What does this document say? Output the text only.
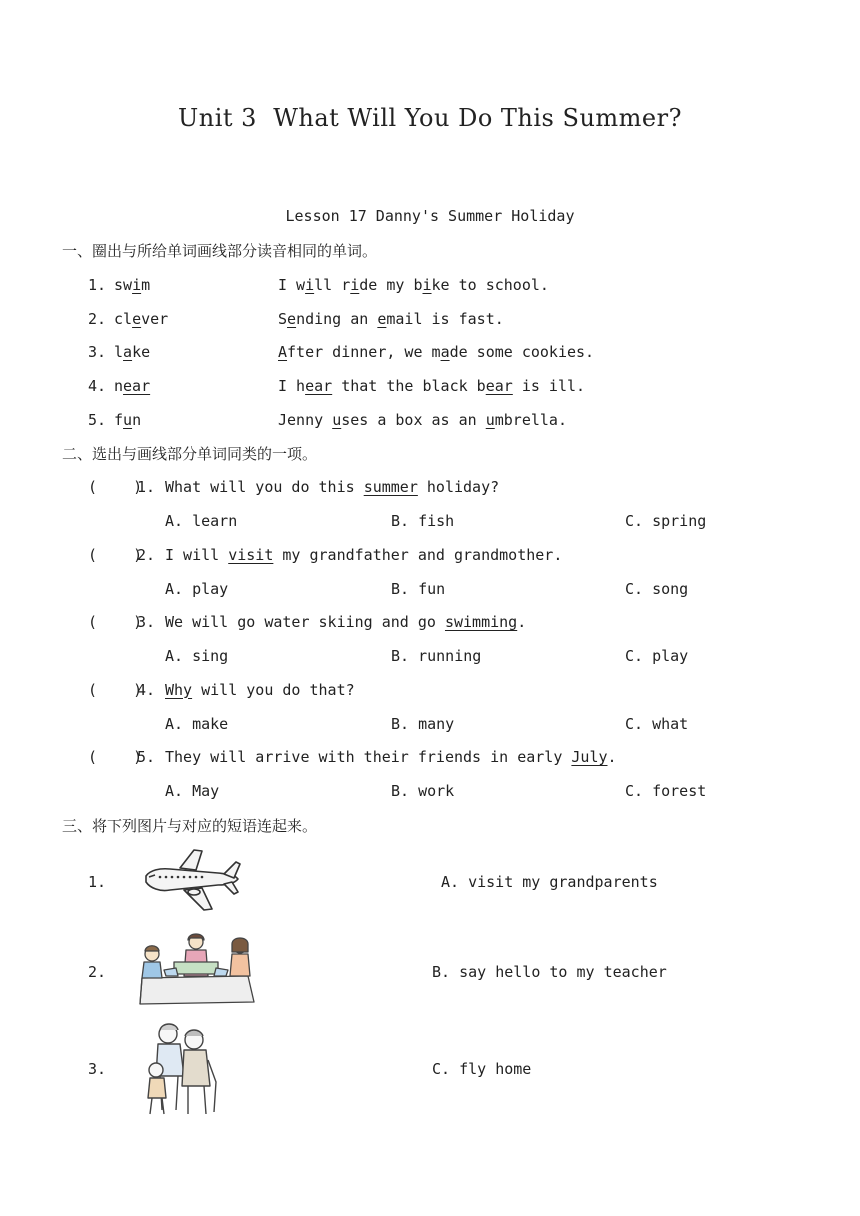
Unit 3  What Will You Do This Summer?
Lesson 17 Danny's Summer Holiday
一、圈出与所给单词画线部分读音相同的单词。
1. swim	I will ride my bike to school.
2. clever	Sending an email is fast.
3. lake	After dinner, we made some cookies.
4. near	I hear that the black bear is ill.
5. fun	Jenny uses a box as an umbrella.
二、选出与画线部分单词同类的一项。
(    )
1. What will you do this summer holiday?
A. learn	B. fish	C. spring
(    )
2. I will visit my grandfather and grandmother.
A. play	B. fun	C. song
(    )
3. We will go water skiing and go swimming.
A. sing	B. running	C. play
(    )
4. Why will you do that?
A. make	B. many	C. what
(    )
5. They will arrive with their friends in early July.
A. May	B. work	C. forest
三、将下列图片与对应的短语连起来。
1.	A. visit my grandparents
2.	B. say hello to my teacher
3.	C. fly home
